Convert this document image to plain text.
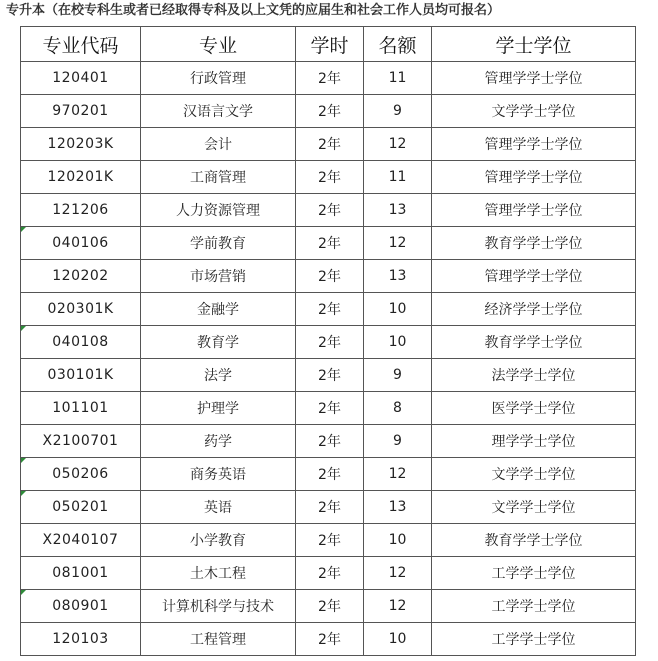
专升本（在校专科生或者已经取得专科及以上文凭的应届生和社会工作人员均可报名）
专业代码	专业	学时	名额	学士学位
120401	行政管理	2年	11	管理学学士学位
970201	汉语言文学	2年	9	文学学士学位
120203K	会计	2年	12	管理学学士学位
120201K	工商管理	2年	11	管理学学士学位
121206	人力资源管理	2年	13	管理学学士学位
040106	学前教育	2年	12	教育学学士学位
120202	市场营销	2年	13	管理学学士学位
020301K	金融学	2年	10	经济学学士学位
040108	教育学	2年	10	教育学学士学位
030101K	法学	2年	9	法学学士学位
101101	护理学	2年	8	医学学士学位
X2100701	药学	2年	9	理学学士学位
050206	商务英语	2年	12	文学学士学位
050201	英语	2年	13	文学学士学位
X2040107	小学教育	2年	10	教育学学士学位
081001	土木工程	2年	12	工学学士学位
080901	计算机科学与技术	2年	12	工学学士学位
120103	工程管理	2年	10	工学学士学位
